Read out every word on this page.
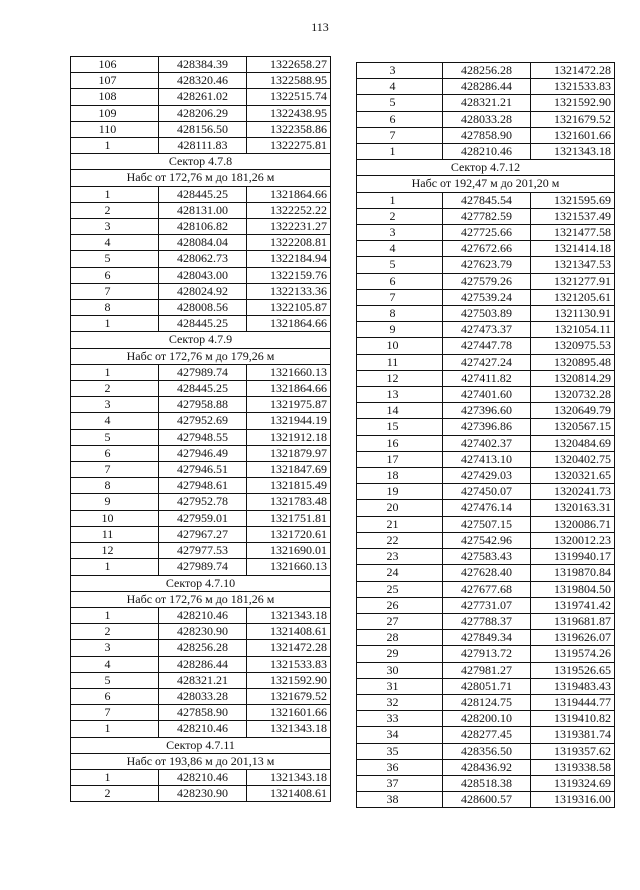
113
106	428384.39	1322658.27
107	428320.46	1322588.95
108	428261.02	1322515.74
109	428206.29	1322438.95
110	428156.50	1322358.86
1	428111.83	1322275.81
Сектор 4.7.8		
Набс от 172,76 м до 181,26 м		
1	428445.25	1321864.66
2	428131.00	1322252.22
3	428106.82	1322231.27
4	428084.04	1322208.81
5	428062.73	1322184.94
6	428043.00	1322159.76
7	428024.92	1322133.36
8	428008.56	1322105.87
1	428445.25	1321864.66
Сектор 4.7.9		
Набс от 172,76 м до 179,26 м		
1	427989.74	1321660.13
2	428445.25	1321864.66
3	427958.88	1321975.87
4	427952.69	1321944.19
5	427948.55	1321912.18
6	427946.49	1321879.97
7	427946.51	1321847.69
8	427948.61	1321815.49
9	427952.78	1321783.48
10	427959.01	1321751.81
11	427967.27	1321720.61
12	427977.53	1321690.01
1	427989.74	1321660.13
Сектор 4.7.10		
Набс от 172,76 м до 181,26 м		
1	428210.46	1321343.18
2	428230.90	1321408.61
3	428256.28	1321472.28
4	428286.44	1321533.83
5	428321.21	1321592.90
6	428033.28	1321679.52
7	427858.90	1321601.66
1	428210.46	1321343.18
Сектор 4.7.11		
Набс от 193,86 м до 201,13 м		
1	428210.46	1321343.18
2	428230.90	1321408.61
3	428256.28	1321472.28
4	428286.44	1321533.83
5	428321.21	1321592.90
6	428033.28	1321679.52
7	427858.90	1321601.66
1	428210.46	1321343.18
Сектор 4.7.12		
Набс от 192,47 м до 201,20 м		
1	427845.54	1321595.69
2	427782.59	1321537.49
3	427725.66	1321477.58
4	427672.66	1321414.18
5	427623.79	1321347.53
6	427579.26	1321277.91
7	427539.24	1321205.61
8	427503.89	1321130.91
9	427473.37	1321054.11
10	427447.78	1320975.53
11	427427.24	1320895.48
12	427411.82	1320814.29
13	427401.60	1320732.28
14	427396.60	1320649.79
15	427396.86	1320567.15
16	427402.37	1320484.69
17	427413.10	1320402.75
18	427429.03	1320321.65
19	427450.07	1320241.73
20	427476.14	1320163.31
21	427507.15	1320086.71
22	427542.96	1320012.23
23	427583.43	1319940.17
24	427628.40	1319870.84
25	427677.68	1319804.50
26	427731.07	1319741.42
27	427788.37	1319681.87
28	427849.34	1319626.07
29	427913.72	1319574.26
30	427981.27	1319526.65
31	428051.71	1319483.43
32	428124.75	1319444.77
33	428200.10	1319410.82
34	428277.45	1319381.74
35	428356.50	1319357.62
36	428436.92	1319338.58
37	428518.38	1319324.69
38	428600.57	1319316.00
